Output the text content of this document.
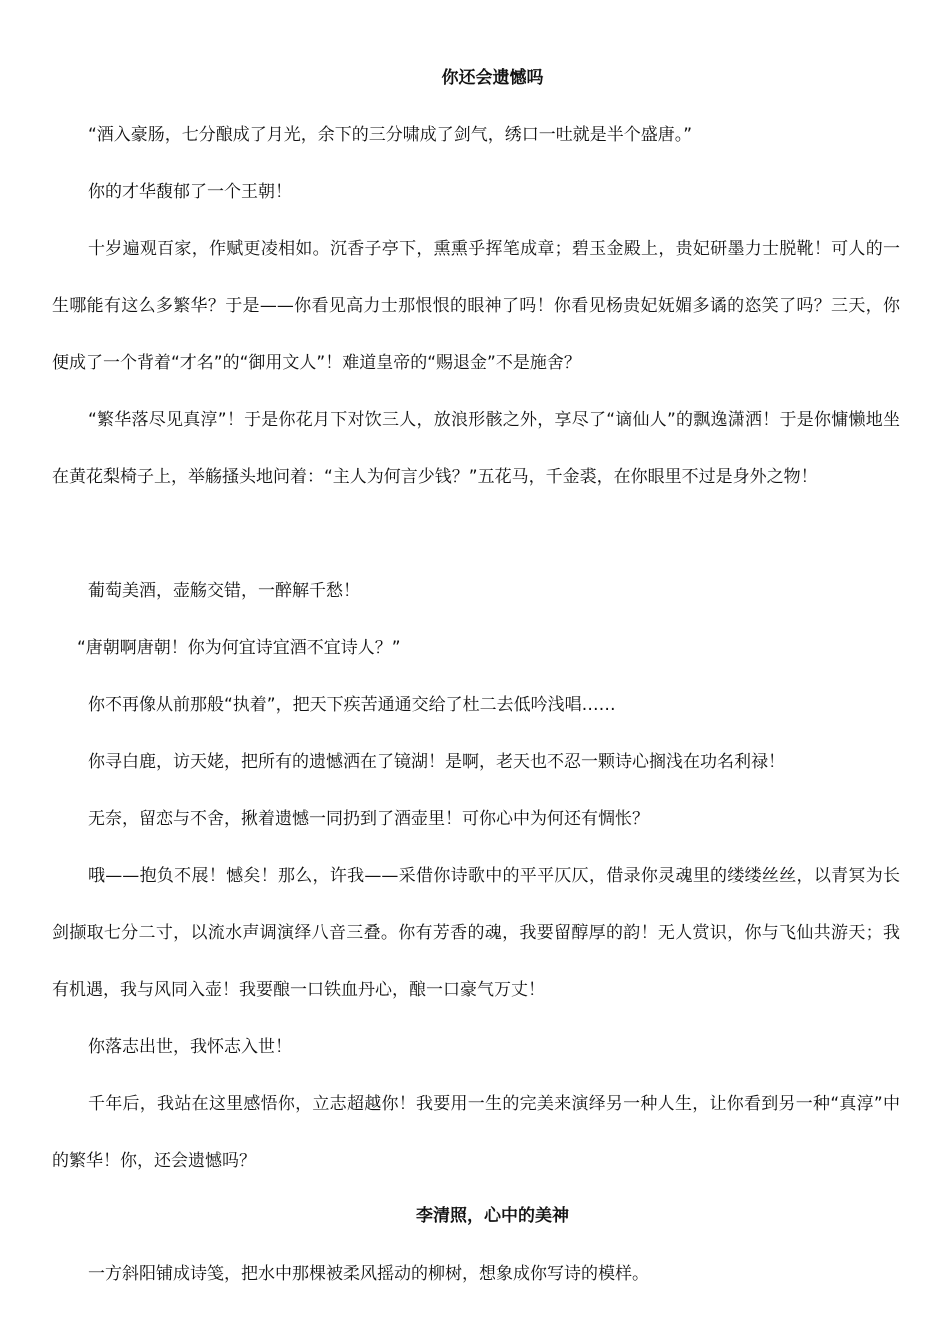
你还会遗憾吗

“酒入豪肠，七分酿成了月光，余下的三分啸成了剑气，绣口一吐就是半个盛唐。”

你的才华馥郁了一个王朝！

十岁遍观百家，作赋更凌相如。沉香子亭下，熏熏乎挥笔成章；碧玉金殿上，贵妃研墨力士脱靴！可人的一生哪能有这么多繁华？于是——你看见高力士那恨恨的眼神了吗！你看见杨贵妃妩媚多谲的恣笑了吗？三天，你便成了一个背着“才名”的“御用文人”！难道皇帝的“赐退金”不是施舍？

“繁华落尽见真淳”！于是你花月下对饮三人，放浪形骸之外，享尽了“谪仙人”的飘逸潇洒！于是你慵懒地坐在黄花梨椅子上，举觞搔头地问着：“主人为何言少钱？”五花马，千金裘，在你眼里不过是身外之物！

葡萄美酒，壶觞交错，一醉解千愁！

“唐朝啊唐朝！你为何宜诗宜酒不宜诗人？”

你不再像从前那般“执着”，把天下疾苦通通交给了杜二去低吟浅唱……

你寻白鹿，访天姥，把所有的遗憾洒在了镜湖！是啊，老天也不忍一颗诗心搁浅在功名利禄！

无奈，留恋与不舍，揪着遗憾一同扔到了酒壶里！可你心中为何还有惆怅？

哦——抱负不展！憾矣！那么，许我——采借你诗歌中的平平仄仄，借录你灵魂里的缕缕丝丝，以青冥为长剑撷取七分二寸，以流水声调演绎八音三叠。你有芳香的魂，我要留醇厚的韵！无人赏识，你与飞仙共游天；我有机遇，我与风同入壶！我要酿一口铁血丹心，酿一口豪气万丈！

你落志出世，我怀志入世！

千年后，我站在这里感悟你，立志超越你！我要用一生的完美来演绎另一种人生，让你看到另一种“真淳”中的繁华！你，还会遗憾吗？

李清照，心中的美神

一方斜阳铺成诗笺，把水中那棵被柔风摇动的柳树，想象成你写诗的模样。
